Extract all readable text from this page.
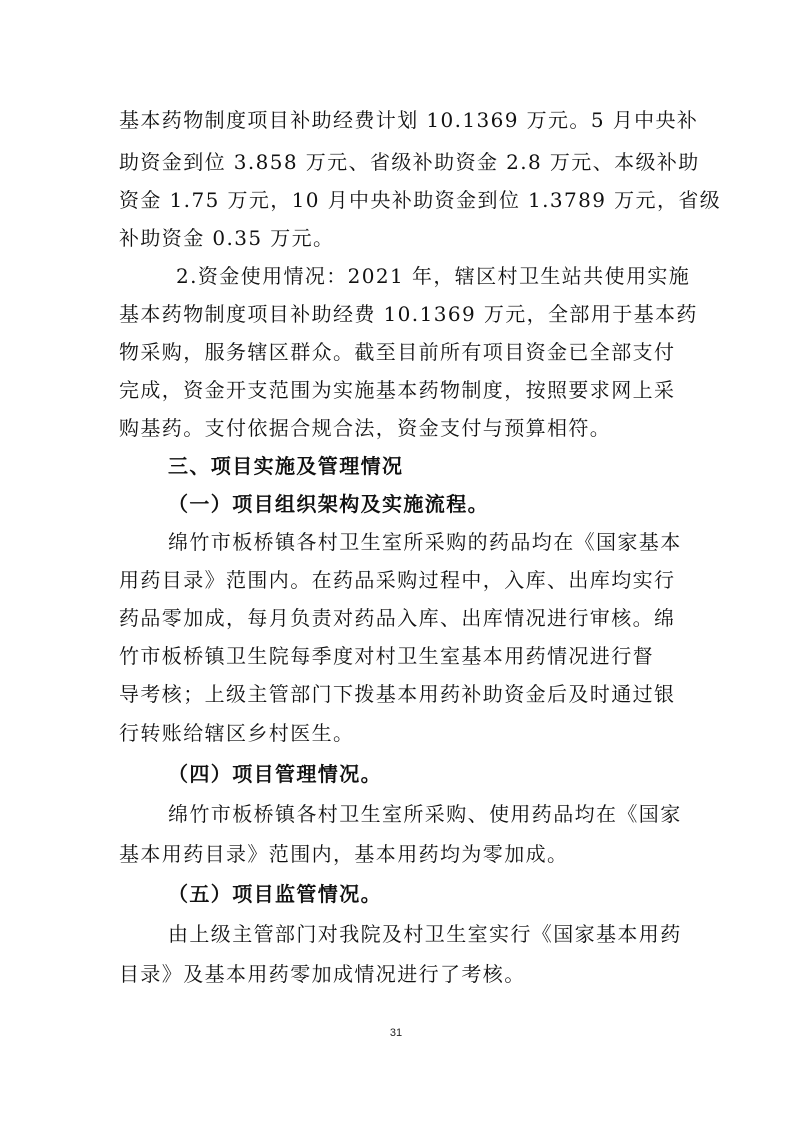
基本药物制度项目补助经费计划 10.1369 万元。5 月中央补
助资金到位 3.858 万元、省级补助资金 2.8 万元、本级补助
资金 1.75 万元，10 月中央补助资金到位 1.3789 万元，省级
补助资金 0.35 万元。
2.资金使用情况：2021 年，辖区村卫生站共使用实施
基本药物制度项目补助经费 10.1369 万元，全部用于基本药
物采购，服务辖区群众。截至目前所有项目资金已全部支付
完成，资金开支范围为实施基本药物制度，按照要求网上采
购基药。支付依据合规合法，资金支付与预算相符。
三、项目实施及管理情况
（一）项目组织架构及实施流程。
绵竹市板桥镇各村卫生室所采购的药品均在《国家基本
用药目录》范围内。在药品采购过程中，入库、出库均实行
药品零加成，每月负责对药品入库、出库情况进行审核。绵
竹市板桥镇卫生院每季度对村卫生室基本用药情况进行督
导考核；上级主管部门下拨基本用药补助资金后及时通过银
行转账给辖区乡村医生。
（四）项目管理情况。
绵竹市板桥镇各村卫生室所采购、使用药品均在《国家
基本用药目录》范围内，基本用药均为零加成。
（五）项目监管情况。
由上级主管部门对我院及村卫生室实行《国家基本用药
目录》及基本用药零加成情况进行了考核。
31
